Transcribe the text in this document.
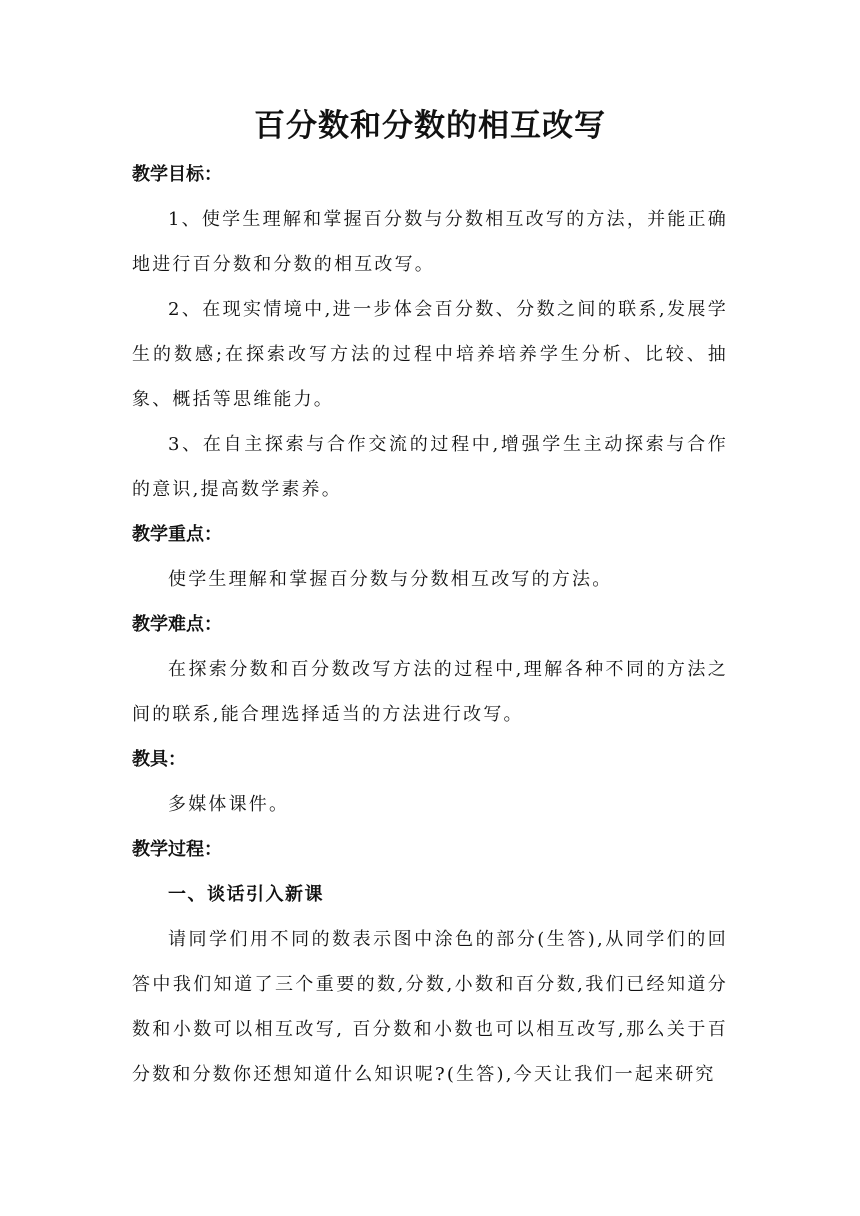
百分数和分数的相互改写

教学目标：

1、使学生理解和掌握百分数与分数相互改写的方法，并能正确地进行百分数和分数的相互改写。

2、在现实情境中,进一步体会百分数、分数之间的联系,发展学生的数感;在探索改写方法的过程中培养培养学生分析、比较、抽象、概括等思维能力。

3、在自主探索与合作交流的过程中,增强学生主动探索与合作的意识,提高数学素养。

教学重点：

使学生理解和掌握百分数与分数相互改写的方法。

教学难点：

在探索分数和百分数改写方法的过程中,理解各种不同的方法之间的联系,能合理选择适当的方法进行改写。

教具：

多媒体课件。

教学过程：

一、谈话引入新课

请同学们用不同的数表示图中涂色的部分(生答),从同学们的回答中我们知道了三个重要的数,分数,小数和百分数,我们已经知道分数和小数可以相互改写, 百分数和小数也可以相互改写,那么关于百分数和分数你还想知道什么知识呢?(生答),今天让我们一起来研究
